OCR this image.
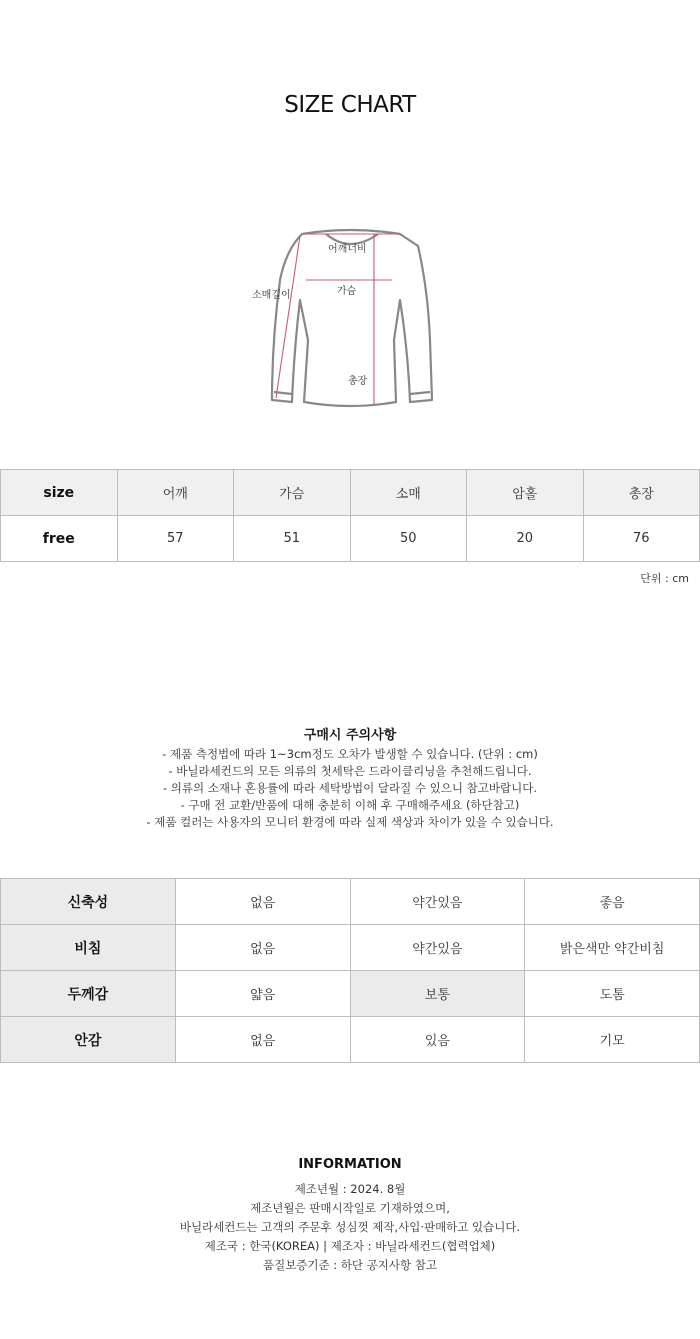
SIZE CHART
어깨너비
가슴
소매길이
총장
size	어깨	가슴	소매	암홀	총장
free	57	51	50	20	76
단위 : cm
구매시 주의사항
- 제품 측정법에 따라 1~3cm정도 오차가 발생할 수 있습니다. (단위 : cm)
- 바닐라세컨드의 모든 의류의 첫세탁은 드라이클리닝을 추천해드립니다.
- 의류의 소재나 혼용률에 따라 세탁방법이 달라질 수 있으니 참고바랍니다.
- 구매 전 교환/반품에 대해 충분히 이해 후 구매해주세요 (하단참고)
- 제품 컬러는 사용자의 모니터 환경에 따라 실제 색상과 차이가 있을 수 있습니다.
신축성	없음	약간있음	좋음
비침	없음	약간있음	밝은색만 약간비침
두께감	얇음	보통	도톰
안감	없음	있음	기모
INFORMATION
제조년월 : 2024. 8월
제조년월은 판매시작일로 기재하였으며,
바닐라세컨드는 고객의 주문후 성심껏 제작,사입·판매하고 있습니다.
제조국 : 한국(KOREA) | 제조자 : 바닐라세컨드(협력업체)
품질보증기준 : 하단 공지사항 참고
